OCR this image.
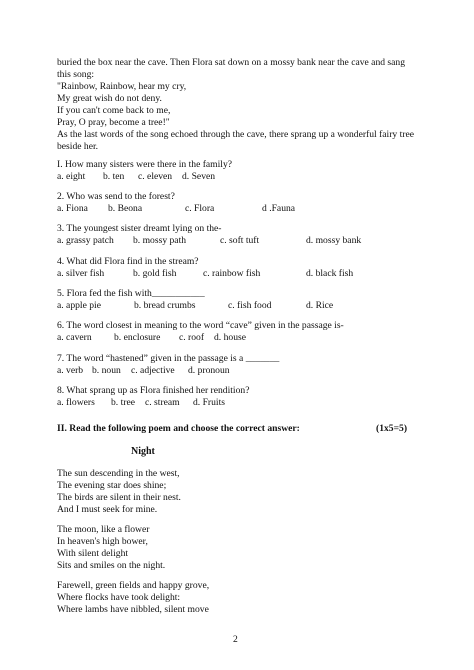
buried the box near the cave. Then Flora sat down on a mossy bank near the cave and sang
this song:
"Rainbow, Rainbow, hear my cry,
My great wish do not deny.
If you can't come back to me,
Pray, O pray, become a tree!"
As the last words of the song echoed through the cave, there sprang up a wonderful fairy tree
beside her.
I. How many sisters were there in the family?
a. eight b. ten c. eleven d. Seven
2. Who was send to the forest?
a. Fiona b. Beona	c. Flora	d .Fauna
3. The youngest sister dreamt lying on the-
a. grassy patch b. mossy path	c. soft tuft	d. mossy bank
4. What did Flora find in the stream?
a. silver fish	b. gold fish	c. rainbow fish	d. black fish
5. Flora fed the fish with___________
a. apple pie	b. bread crumbs	c. fish food	d. Rice
6. The word closest in meaning to the word “cave” given in the passage is-
a. cavern b. enclosure c. roof d. house
7. The word “hastened” given in the passage is a _______
a. verb b. noun c. adjective d. pronoun
8. What sprang up as Flora finished her rendition?
a. flowers b. tree c. stream d. Fruits
II. Read the following poem and choose the correct answer:	(1x5=5)
Night
The sun descending in the west,
The evening star does shine;
The birds are silent in their nest.
And I must seek for mine.
The moon, like a flower
In heaven's high bower,
With silent delight
Sits and smiles on the night.
Farewell, green fields and happy grove,
Where flocks have took delight:
Where lambs have nibbled, silent move
2
